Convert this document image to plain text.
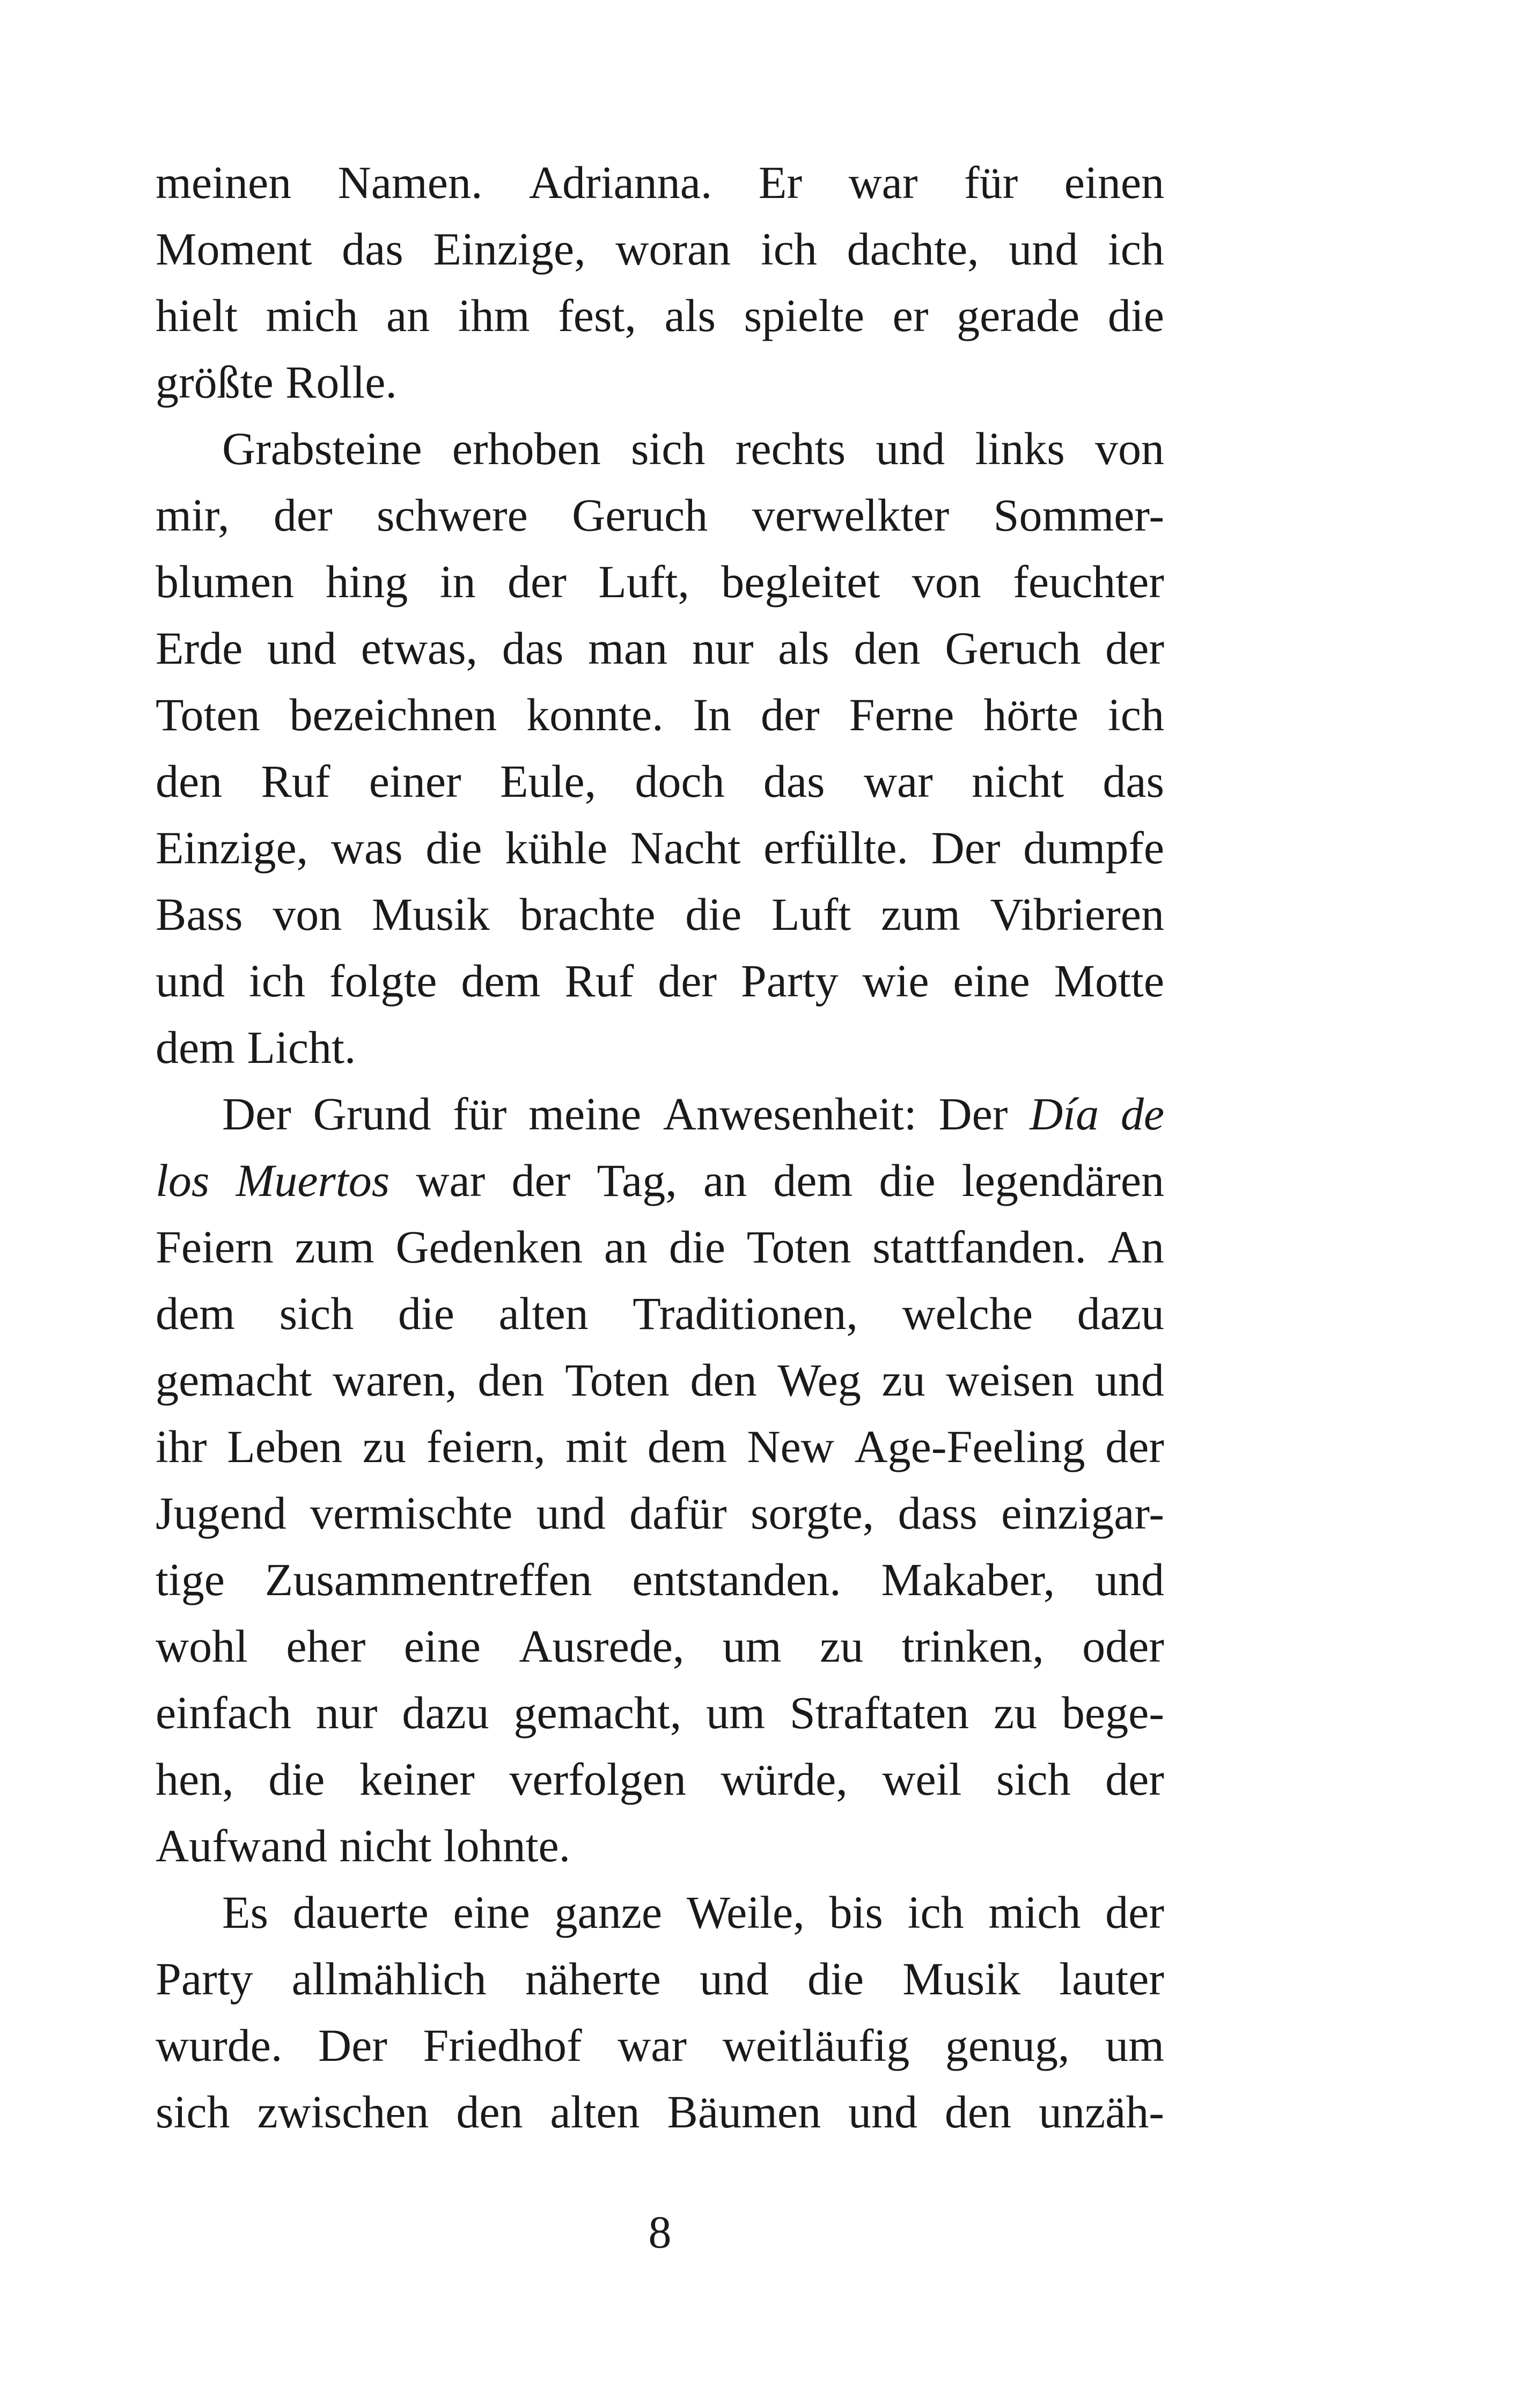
meinen Namen. Adrianna. Er war für einen
Moment das Einzige, woran ich dachte, und ich
hielt mich an ihm fest, als spielte er gerade die
größte Rolle.
Grabsteine erhoben sich rechts und links von
mir, der schwere Geruch verwelkter Sommer-
blumen hing in der Luft, begleitet von feuchter
Erde und etwas, das man nur als den Geruch der
Toten bezeichnen konnte. In der Ferne hörte ich
den Ruf einer Eule, doch das war nicht das
Einzige, was die kühle Nacht erfüllte. Der dumpfe
Bass von Musik brachte die Luft zum Vibrieren
und ich folgte dem Ruf der Party wie eine Motte
dem Licht.
Der Grund für meine Anwesenheit: Der Día de
los Muertos war der Tag, an dem die legendären
Feiern zum Gedenken an die Toten stattfanden. An
dem sich die alten Traditionen, welche dazu
gemacht waren, den Toten den Weg zu weisen und
ihr Leben zu feiern, mit dem New Age-Feeling der
Jugend vermischte und dafür sorgte, dass einzigar-
tige Zusammentreffen entstanden. Makaber, und
wohl eher eine Ausrede, um zu trinken, oder
einfach nur dazu gemacht, um Straftaten zu bege-
hen, die keiner verfolgen würde, weil sich der
Aufwand nicht lohnte.
Es dauerte eine ganze Weile, bis ich mich der
Party allmählich näherte und die Musik lauter
wurde. Der Friedhof war weitläufig genug, um
sich zwischen den alten Bäumen und den unzäh-
8
